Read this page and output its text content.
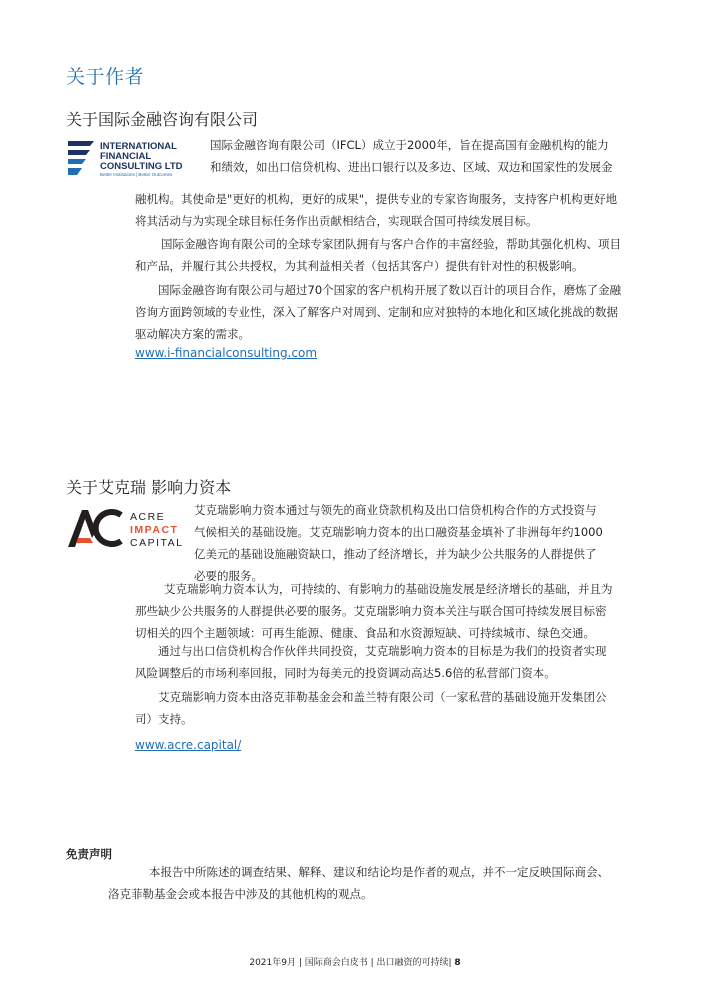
关于作者
关于国际金融咨询有限公司
INTERNATIONAL
FINANCIAL
CONSULTING LTD
Better Institutions | Better Outcomes
国际金融咨询有限公司（IFCL）成立于2000年，旨在提高国有金融机构的能力
和绩效，如出口信贷机构、进出口银行以及多边、区域、双边和国家性的发展金
融机构。其使命是"更好的机构，更好的成果"，提供专业的专家咨询服务，支持客户机构更好地
将其活动与为实现全球目标任务作出贡献相结合，实现联合国可持续发展目标。
国际金融咨询有限公司的全球专家团队拥有与客户合作的丰富经验，帮助其强化机构、项目
和产品，并履行其公共授权，为其利益相关者（包括其客户）提供有针对性的积极影响。
国际金融咨询有限公司与超过70个国家的客户机构开展了数以百计的项目合作，磨炼了金融
咨询方面跨领域的专业性，深入了解客户对周到、定制和应对独特的本地化和区域化挑战的数据
驱动解决方案的需求。
www.i-financialconsulting.com
关于艾克瑞 影响力资本
ACRE
IMPACT
CAPITAL
艾克瑞影响力资本通过与领先的商业贷款机构及出口信贷机构合作的方式投资与
气候相关的基础设施。艾克瑞影响力资本的出口融资基金填补了非洲每年约1000
亿美元的基础设施融资缺口，推动了经济增长，并为缺少公共服务的人群提供了
必要的服务。
艾克瑞影响力资本认为，可持续的、有影响力的基础设施发展是经济增长的基础，并且为
那些缺少公共服务的人群提供必要的服务。艾克瑞影响力资本关注与联合国可持续发展目标密
切相关的四个主题领域：可再生能源、健康、食品和水资源短缺、可持续城市、绿色交通。
通过与出口信贷机构合作伙伴共同投资，艾克瑞影响力资本的目标是为我们的投资者实现
风险调整后的市场利率回报，同时为每美元的投资调动高达5.6倍的私营部门资本。
艾克瑞影响力资本由洛克菲勒基金会和盖兰特有限公司（一家私营的基础设施开发集团公
司）支持。
www.acre.capital/
免责声明
本报告中所陈述的调查结果、解释、建议和结论均是作者的观点，并不一定反映国际商会、
洛克菲勒基金会或本报告中涉及的其他机构的观点。
2021年9月 | 国际商会白皮书 | 出口融资的可持续| 8
